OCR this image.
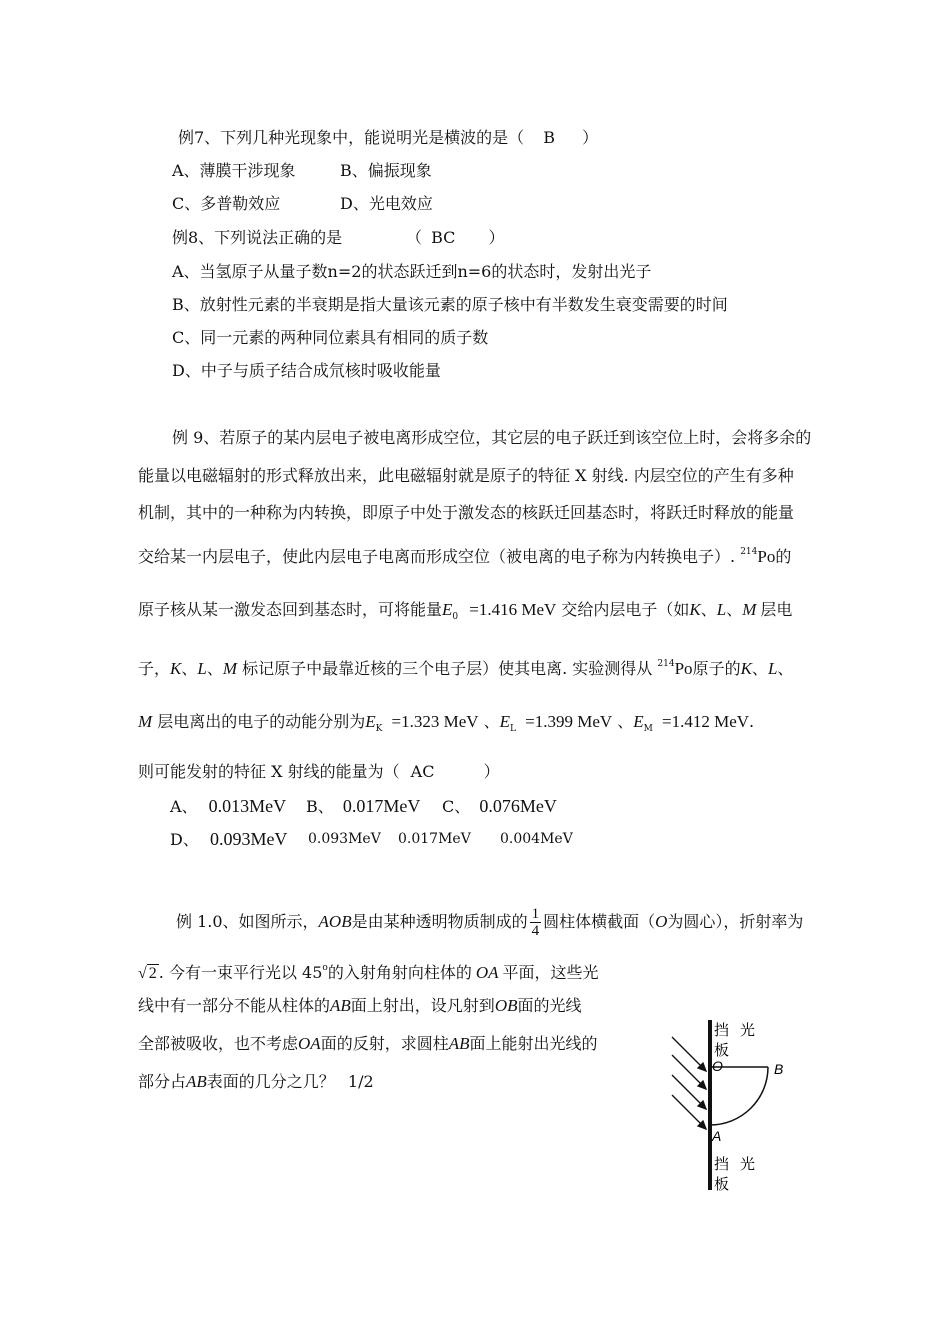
例7、下列几种光现象中，能说明光是横波的是（ B ）
A、薄膜干涉现象	B、偏振现象
C、多普勒效应	D、光电效应
例8、下列说法正确的是	（ BC ）
A、当氢原子从量子数n=2的状态跃迁到n=6的状态时，发射出光子
B、放射性元素的半衰期是指大量该元素的原子核中有半数发生衰变需要的时间
C、同一元素的两种同位素具有相同的质子数
D、中子与质子结合成氘核时吸收能量
例 9、若原子的某内层电子被电离形成空位，其它层的电子跃迁到该空位上时，会将多余的
能量以电磁辐射的形式释放出来，此电磁辐射就是原子的特征 X 射线. 内层空位的产生有多种
机制，其中的一种称为内转换，即原子中处于激发态的核跃迁回基态时，将跃迁时释放的能量
交给某一内层电子，使此内层电子电离而形成空位（被电离的电子称为内转换电子）. $^{214}$Po的
原子核从某一激发态回到基态时，可将能量$E_0 =1.416$ MeV 交给内层电子（如K、L、M 层电
子，K、L、M 标记原子中最靠近核的三个电子层）使其电离. 实验测得从 $^{214}$Po原子的K、L、
M 层电离出的电子的动能分别为$E_K =1.323$ MeV 、$E_L =1.399$ MeV 、$E_M =1.412$ MeV.
则可能发射的特征 X 射线的能量为（ AC	）
A、 0.013MeV B、 0.017MeV C、 0.076MeV
D、 0.093MeV 0.093MeV 0.017MeV 0.004MeV
例 1.0、如图所示，AOB是由某种透明物质制成的 $\frac{1}{4}$ 圆柱体横截面（O为圆心），折射率为
√ 2 . 今有一束平行光以 45$^o$的入射角射向柱体的 OA 平面，这些光
线中有一部分不能从柱体的AB面上射出，设凡射到OB面的光线
全部被吸收，也不考虑OA面的反射，求圆柱AB面上能射出光线的
部分占AB表面的几分之几？ 1/2
挡 光
板
O	B
A
挡 光
板
